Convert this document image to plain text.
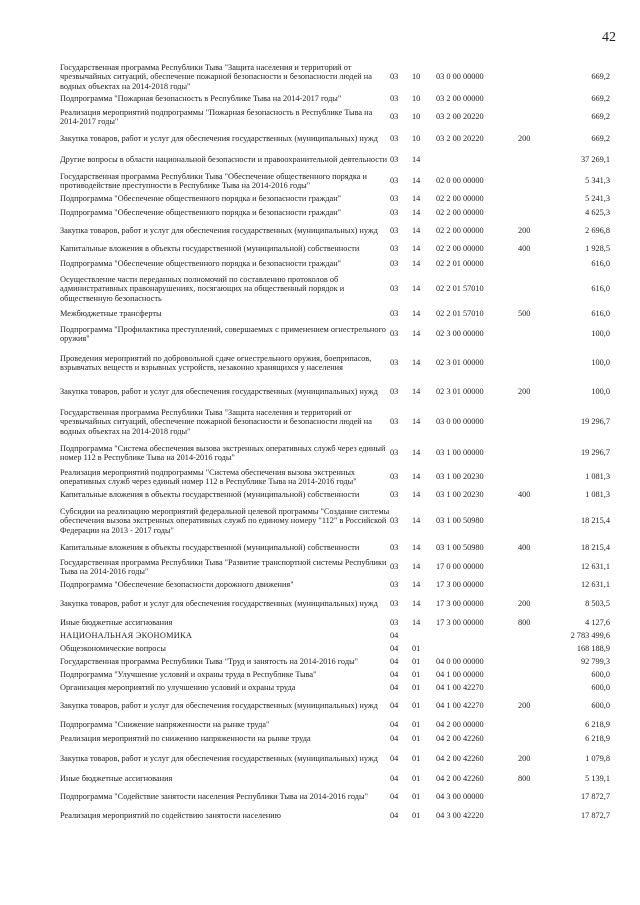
42
Государственная программа Республики Тыва "Защита населения и территорий от чрезвычайных ситуаций, обеспечение пожарной безопасности и безопасности людей на водных объектах на 2014-2018 годы"	03	10	03 0 00 00000		669,2
Подпрограмма "Пожарная безопасность в Республике Тыва на 2014-2017 годы"	03	10	03 2 00 00000		669,2
Реализация мероприятий подпрограммы "Пожарная безопасность в Республике Тыва на 2014-2017 годы"	03	10	03 2 00 20220		669,2
Закупка товаров, работ и услуг для обеспечения государственных (муниципальных) нужд	03	10	03 2 00 20220	200	669,2
Другие вопросы в области национальной безопасности и правоохранительной деятельности	03	14			37 269,1
Государственная программа Республики Тыва "Обеспечение общественного порядка и противодействие преступности в Республике Тыва на 2014-2016 годы"	03	14	02 0 00 00000		5 341,3
Подпрограмма "Обеспечение общественного порядка и безопасности граждан"	03	14	02 2 00 00000		5 241,3
Подпрограмма "Обеспечение общественного порядка и безопасности граждан"	03	14	02 2 00 00000		4 625,3
Закупка товаров, работ и услуг для обеспечения государственных (муниципальных) нужд	03	14	02 2 00 00000	200	2 696,8
Капитальные вложения в объекты государственной (муниципальной) собственности	03	14	02 2 00 00000	400	1 928,5
Подпрограмма "Обеспечение общественного порядка и безопасности граждан"	03	14	02 2 01 00000		616,0
Осуществление части переданных полномочий по составлению протоколов об административных правонарушениях, посягающих на общественный порядок и общественную безопасность	03	14	02 2 01 57010		616,0
Межбюджетные трансферты	03	14	02 2 01 57010	500	616,0
Подпрограмма "Профилактика преступлений, совершаемых с применением огнестрельного оружия"	03	14	02 3 00 00000		100,0
Проведения мероприятий по добровольной сдаче огнестрельного оружия, боеприпасов, взрывчатых веществ и взрывных устройств, незаконно хранящихся у населения	03	14	02 3 01 00000		100,0
Закупка товаров, работ и услуг для обеспечения государственных (муниципальных) нужд	03	14	02 3 01 00000	200	100,0
Государственная программа Республики Тыва "Защита населения и территорий от чрезвычайных ситуаций, обеспечение пожарной безопасности и безопасности людей на водных объектах на 2014-2018 годы"	03	14	03 0 00 00000		19 296,7
Подпрограмма "Система обеспечения вызова экстренных оперативных служб через единый номер 112 в Республике Тыва на 2014-2016 годы"	03	14	03 1 00 00000		19 296,7
Реализация мероприятий подпрограммы "Система обеспечения вызова экстренных оперативных служб через единый номер 112 в Республике Тыва на 2014-2016 годы"	03	14	03 1 00 20230		1 081,3
Капитальные вложения в объекты государственной (муниципальной) собственности	03	14	03 1 00 20230	400	1 081,3
Субсидии на реализацию мероприятий федеральной целевой программы "Создание системы обеспечения вызова экстренных оперативных служб по единому номеру "112" в Российской Федерации на 2013 - 2017 годы"	03	14	03 1 00 50980		18 215,4
Капитальные вложения в объекты государственной (муниципальной) собственности	03	14	03 1 00 50980	400	18 215,4
Государственная программа Республики Тыва "Развитие транспортной системы Республики Тыва на 2014-2016 годы"	03	14	17 0 00 00000		12 631,1
Подпрограмма "Обеспечение безопасности дорожного движения"	03	14	17 3 00 00000		12 631,1
Закупка товаров, работ и услуг для обеспечения государственных (муниципальных) нужд	03	14	17 3 00 00000	200	8 503,5
Иные бюджетные ассигнования	03	14	17 3 00 00000	800	4 127,6
НАЦИОНАЛЬНАЯ ЭКОНОМИКА	04				2 783 499,6
Общеэкономические вопросы	04	01			168 188,9
Государственная программа Республики Тыва "Труд и занятость на 2014-2016 годы"	04	01	04 0 00 00000		92 799,3
Подпрограмма "Улучшение условий и охраны труда в Республике Тыва"	04	01	04 1 00 00000		600,0
Организация мероприятий по улучшению условий и охраны труда	04	01	04 1 00 42270		600,0
Закупка товаров, работ и услуг для обеспечения государственных (муниципальных) нужд	04	01	04 1 00 42270	200	600,0
Подпрограмма "Снижение напряженности на рынке труда"	04	01	04 2 00 00000		6 218,9
Реализация мероприятий по снижению напряженности на рынке труда	04	01	04 2 00 42260		6 218,9
Закупка товаров, работ и услуг для обеспечения государственных (муниципальных) нужд	04	01	04 2 00 42260	200	1 079,8
Иные бюджетные ассигнования	04	01	04 2 00 42260	800	5 139,1
Подпрограмма "Содействие занятости населения Республики Тыва на 2014-2016 годы"	04	01	04 3 00 00000		17 872,7
Реализация мероприятий по содействию занятости населению	04	01	04 3 00 42220		17 872,7
